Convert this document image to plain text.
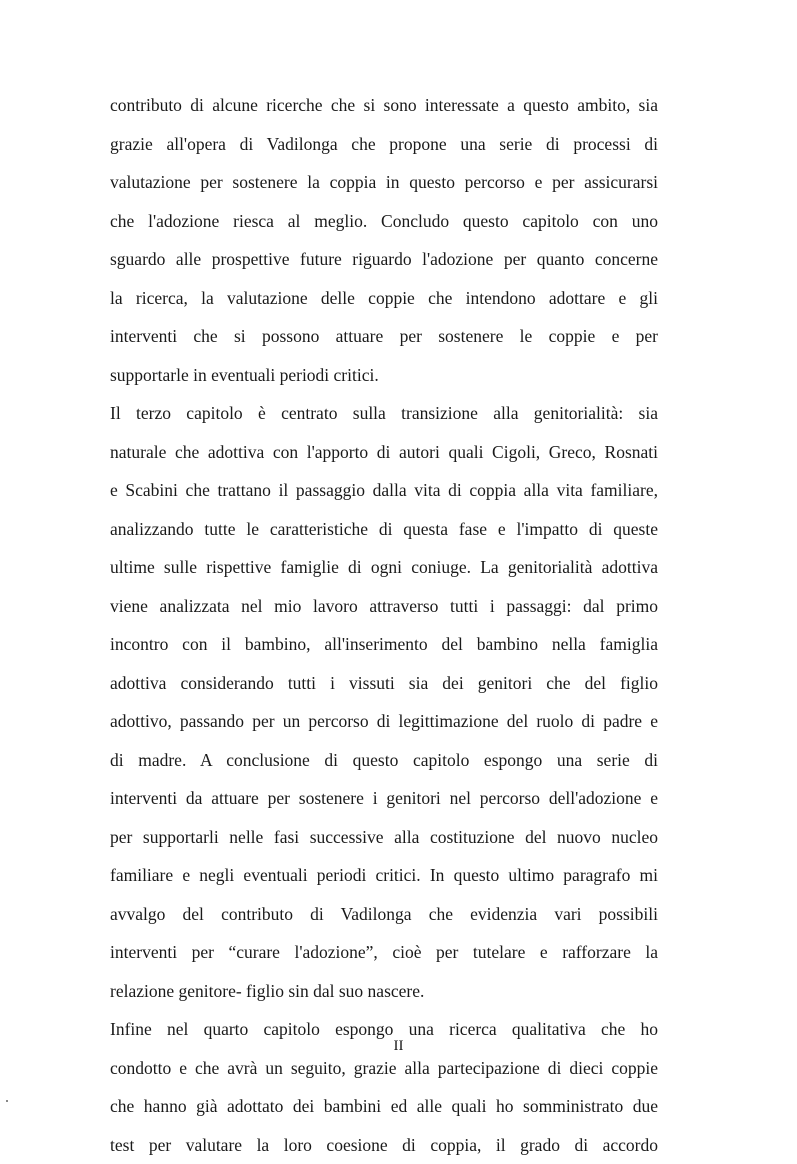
contributo di alcune ricerche che si sono interessate a questo ambito, sia
grazie all'opera di Vadilonga che propone una serie di processi di
valutazione per sostenere la coppia in questo percorso e per assicurarsi
che l'adozione riesca al meglio. Concludo questo capitolo con uno
sguardo alle prospettive future riguardo l'adozione per quanto concerne
la ricerca, la valutazione delle coppie che intendono adottare e gli
interventi che si possono attuare per sostenere le coppie e per
supportarle in eventuali periodi critici.
Il terzo capitolo è centrato sulla transizione alla genitorialità: sia
naturale che adottiva con l'apporto di autori quali Cigoli, Greco, Rosnati
e Scabini che trattano il passaggio dalla vita di coppia alla vita familiare,
analizzando tutte le caratteristiche di questa fase e l'impatto di queste
ultime sulle rispettive famiglie di ogni coniuge. La genitorialità adottiva
viene analizzata nel mio lavoro attraverso tutti i passaggi: dal primo
incontro con il bambino, all'inserimento del bambino nella famiglia
adottiva considerando tutti i vissuti sia dei genitori che del figlio
adottivo, passando per un percorso di legittimazione del ruolo di padre e
di madre. A conclusione di questo capitolo espongo una serie di
interventi da attuare per sostenere i genitori nel percorso dell'adozione e
per supportarli nelle fasi successive alla costituzione del nuovo nucleo
familiare e negli eventuali periodi critici. In questo ultimo paragrafo mi
avvalgo del contributo di Vadilonga che evidenzia vari possibili
interventi per “curare l'adozione”, cioè per tutelare e rafforzare la
relazione genitore- figlio sin dal suo nascere.
Infine nel quarto capitolo espongo una ricerca qualitativa che ho
condotto e che avrà un seguito, grazie alla partecipazione di dieci coppie
che hanno già adottato dei bambini ed alle quali ho somministrato due
test per valutare la loro coesione di coppia, il grado di accordo
II
